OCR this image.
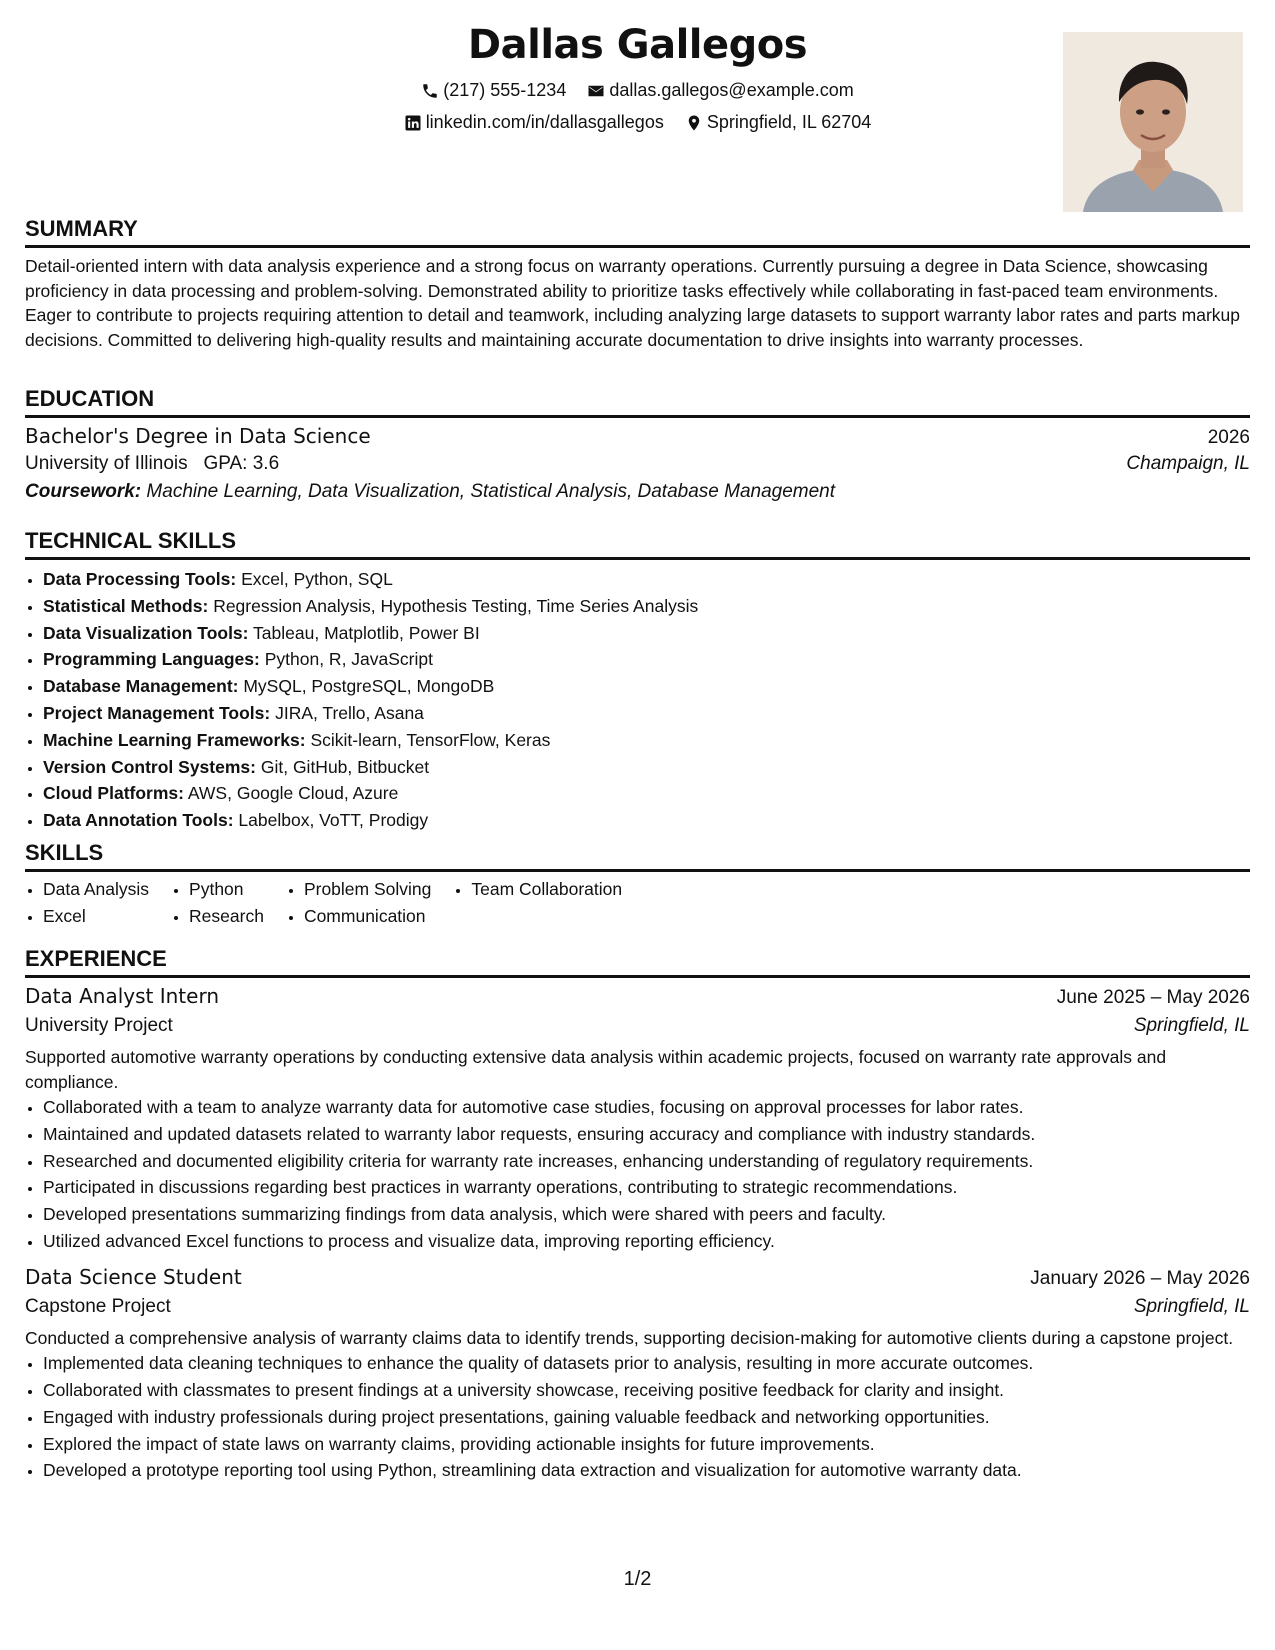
Dallas Gallegos
(217) 555-1234
dallas.gallegos@example.com
linkedin.com/in/dallasgallegos
Springfield, IL 62704
SUMMARY

Detail-oriented intern with data analysis experience and a strong focus on warranty operations. Currently pursuing a degree in Data Science, showcasing proficiency in data processing and problem-solving. Demonstrated ability to prioritize tasks effectively while collaborating in fast-paced team environments. Eager to contribute to projects requiring attention to detail and teamwork, including analyzing large datasets to support warranty labor rates and parts markup decisions. Committed to delivering high-quality results and maintaining accurate documentation to drive insights into warranty processes.

EDUCATION
Bachelor's Degree in Data Science	2026
University of Illinois GPA: 3.6	Champaign, IL
Coursework: Machine Learning, Data Visualization, Statistical Analysis, Database Management
TECHNICAL SKILLS
• Data Processing Tools: Excel, Python, SQL
• Statistical Methods: Regression Analysis, Hypothesis Testing, Time Series Analysis
• Data Visualization Tools: Tableau, Matplotlib, Power BI
• Programming Languages: Python, R, JavaScript
• Database Management: MySQL, PostgreSQL, MongoDB
• Project Management Tools: JIRA, Trello, Asana
• Machine Learning Frameworks: Scikit-learn, TensorFlow, Keras
• Version Control Systems: Git, GitHub, Bitbucket
• Cloud Platforms: AWS, Google Cloud, Azure
• Data Annotation Tools: Labelbox, VoTT, Prodigy
SKILLS
• Data Analysis
• Excel
• Python
• Research
• Problem Solving
• Communication
• Team Collaboration
EXPERIENCE
Data Analyst Intern	June 2025 – May 2026
University Project	Springfield, IL

Supported automotive warranty operations by conducting extensive data analysis within academic projects, focused on warranty rate approvals and compliance.

• Collaborated with a team to analyze warranty data for automotive case studies, focusing on approval processes for labor rates.
• Maintained and updated datasets related to warranty labor requests, ensuring accuracy and compliance with industry standards.
• Researched and documented eligibility criteria for warranty rate increases, enhancing understanding of regulatory requirements.
• Participated in discussions regarding best practices in warranty operations, contributing to strategic recommendations.
• Developed presentations summarizing findings from data analysis, which were shared with peers and faculty.
• Utilized advanced Excel functions to process and visualize data, improving reporting efficiency.
Data Science Student	January 2026 – May 2026
Capstone Project	Springfield, IL

Conducted a comprehensive analysis of warranty claims data to identify trends, supporting decision-making for automotive clients during a capstone project.

• Implemented data cleaning techniques to enhance the quality of datasets prior to analysis, resulting in more accurate outcomes.
• Collaborated with classmates to present findings at a university showcase, receiving positive feedback for clarity and insight.
• Engaged with industry professionals during project presentations, gaining valuable feedback and networking opportunities.
• Explored the impact of state laws on warranty claims, providing actionable insights for future improvements.
• Developed a prototype reporting tool using Python, streamlining data extraction and visualization for automotive warranty data.
1/2
